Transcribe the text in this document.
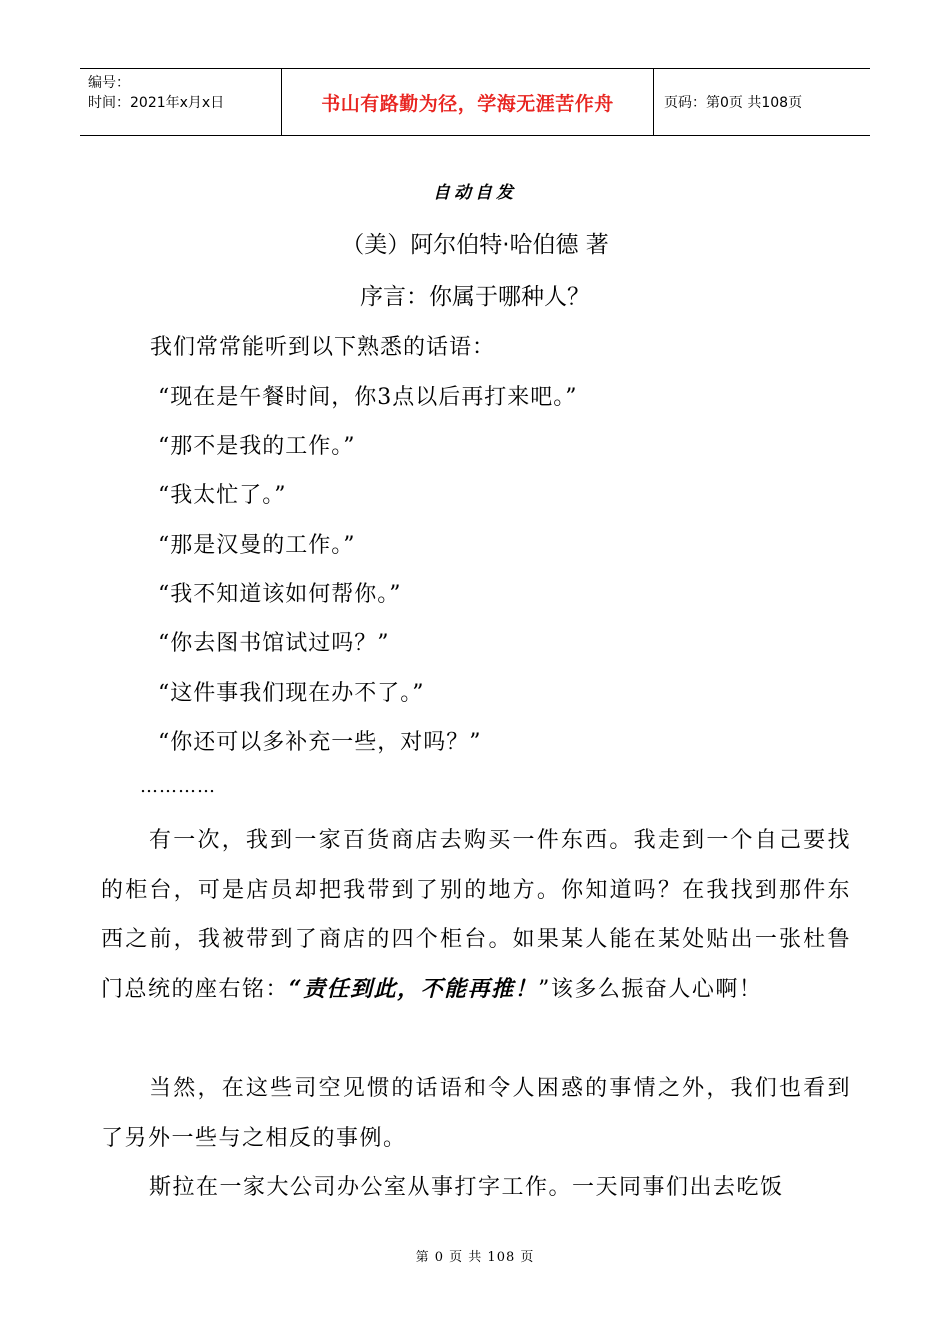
编号：
时间：2021年x月x日	书山有路勤为径，学海无涯苦作舟	页码：第0页 共108页
自动自发
（美）阿尔伯特·哈伯德 著
序言：你属于哪种人？
我们常常能听到以下熟悉的话语：
“现在是午餐时间，你3点以后再打来吧。”
“那不是我的工作。”
“我太忙了。”
“那是汉曼的工作。”
“我不知道该如何帮你。”
“你去图书馆试过吗？”
“这件事我们现在办不了。”
“你还可以多补充一些，对吗？”
…………
有一次，我到一家百货商店去购买一件东西。我走到一个自己要找的柜台，可是店员却把我带到了别的地方。你知道吗？在我找到那件东西之前，我被带到了商店的四个柜台。如果某人能在某处贴出一张杜鲁门总统的座右铭：“责任到此，不能再推！”该多么振奋人心啊！
当然，在这些司空见惯的话语和令人困惑的事情之外，我们也看到了另外一些与之相反的事例。
斯拉在一家大公司办公室从事打字工作。一天同事们出去吃饭
第 0 页 共 108 页
